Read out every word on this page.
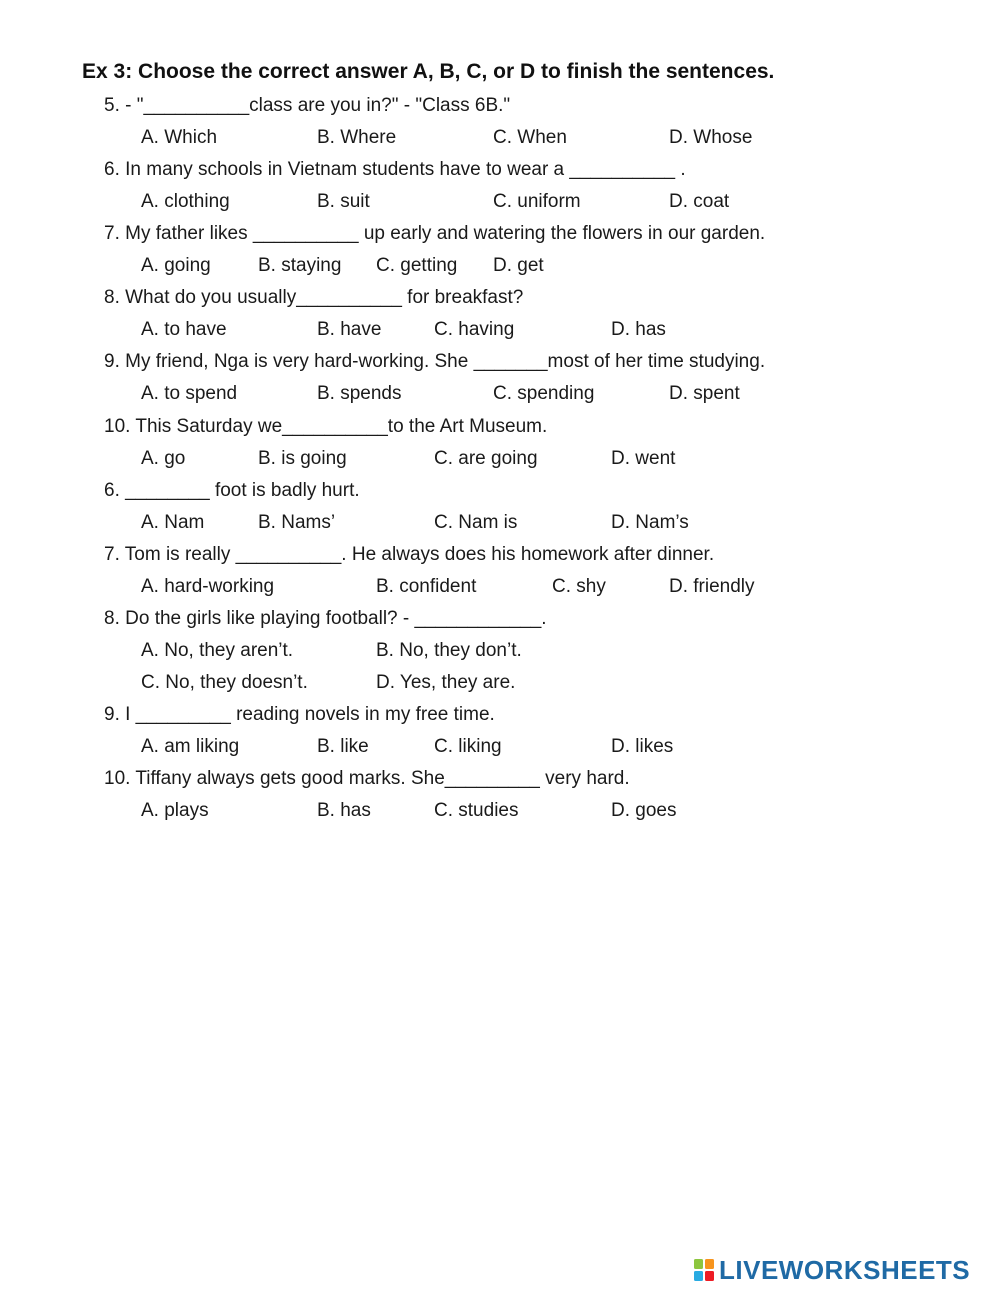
Ex 3: Choose the correct answer A, B, C, or D to finish the sentences.
5. - "__________class are you in?" - "Class 6B."
A. Which	B. Where	C. When	D. Whose
6. In many schools in Vietnam students have to wear a __________ .
A. clothing	B. suit	C. uniform	D. coat
7. My father likes __________ up early and watering the flowers in our garden.
A. going B. staying C. getting D. get
8. What do you usually__________ for breakfast?
A. to have	B. have	C. having	D. has
9. My friend, Nga is very hard-working. She _______most of her time studying.
A. to spend	B. spends	C. spending	D. spent
10. This Saturday we__________to the Art Museum.
A. go	B. is going	C. are going	D. went
6. ________ foot is badly hurt.
A. Nam	B. Nams’	C. Nam is	D. Nam’s
7. Tom is really __________. He always does his homework after dinner.
A. hard-working	B. confident	C. shy	D. friendly
8. Do the girls like playing football? - ____________.
A. No, they aren’t.	B. No, they don’t.
C. No, they doesn’t.	D. Yes, they are.
9. I _________ reading novels in my free time.
A. am liking	B. like	C. liking	D. likes
10. Tiffany always gets good marks. She_________ very hard.
A. plays	B. has	C. studies	D. goes
LIVEWORKSHEETS
